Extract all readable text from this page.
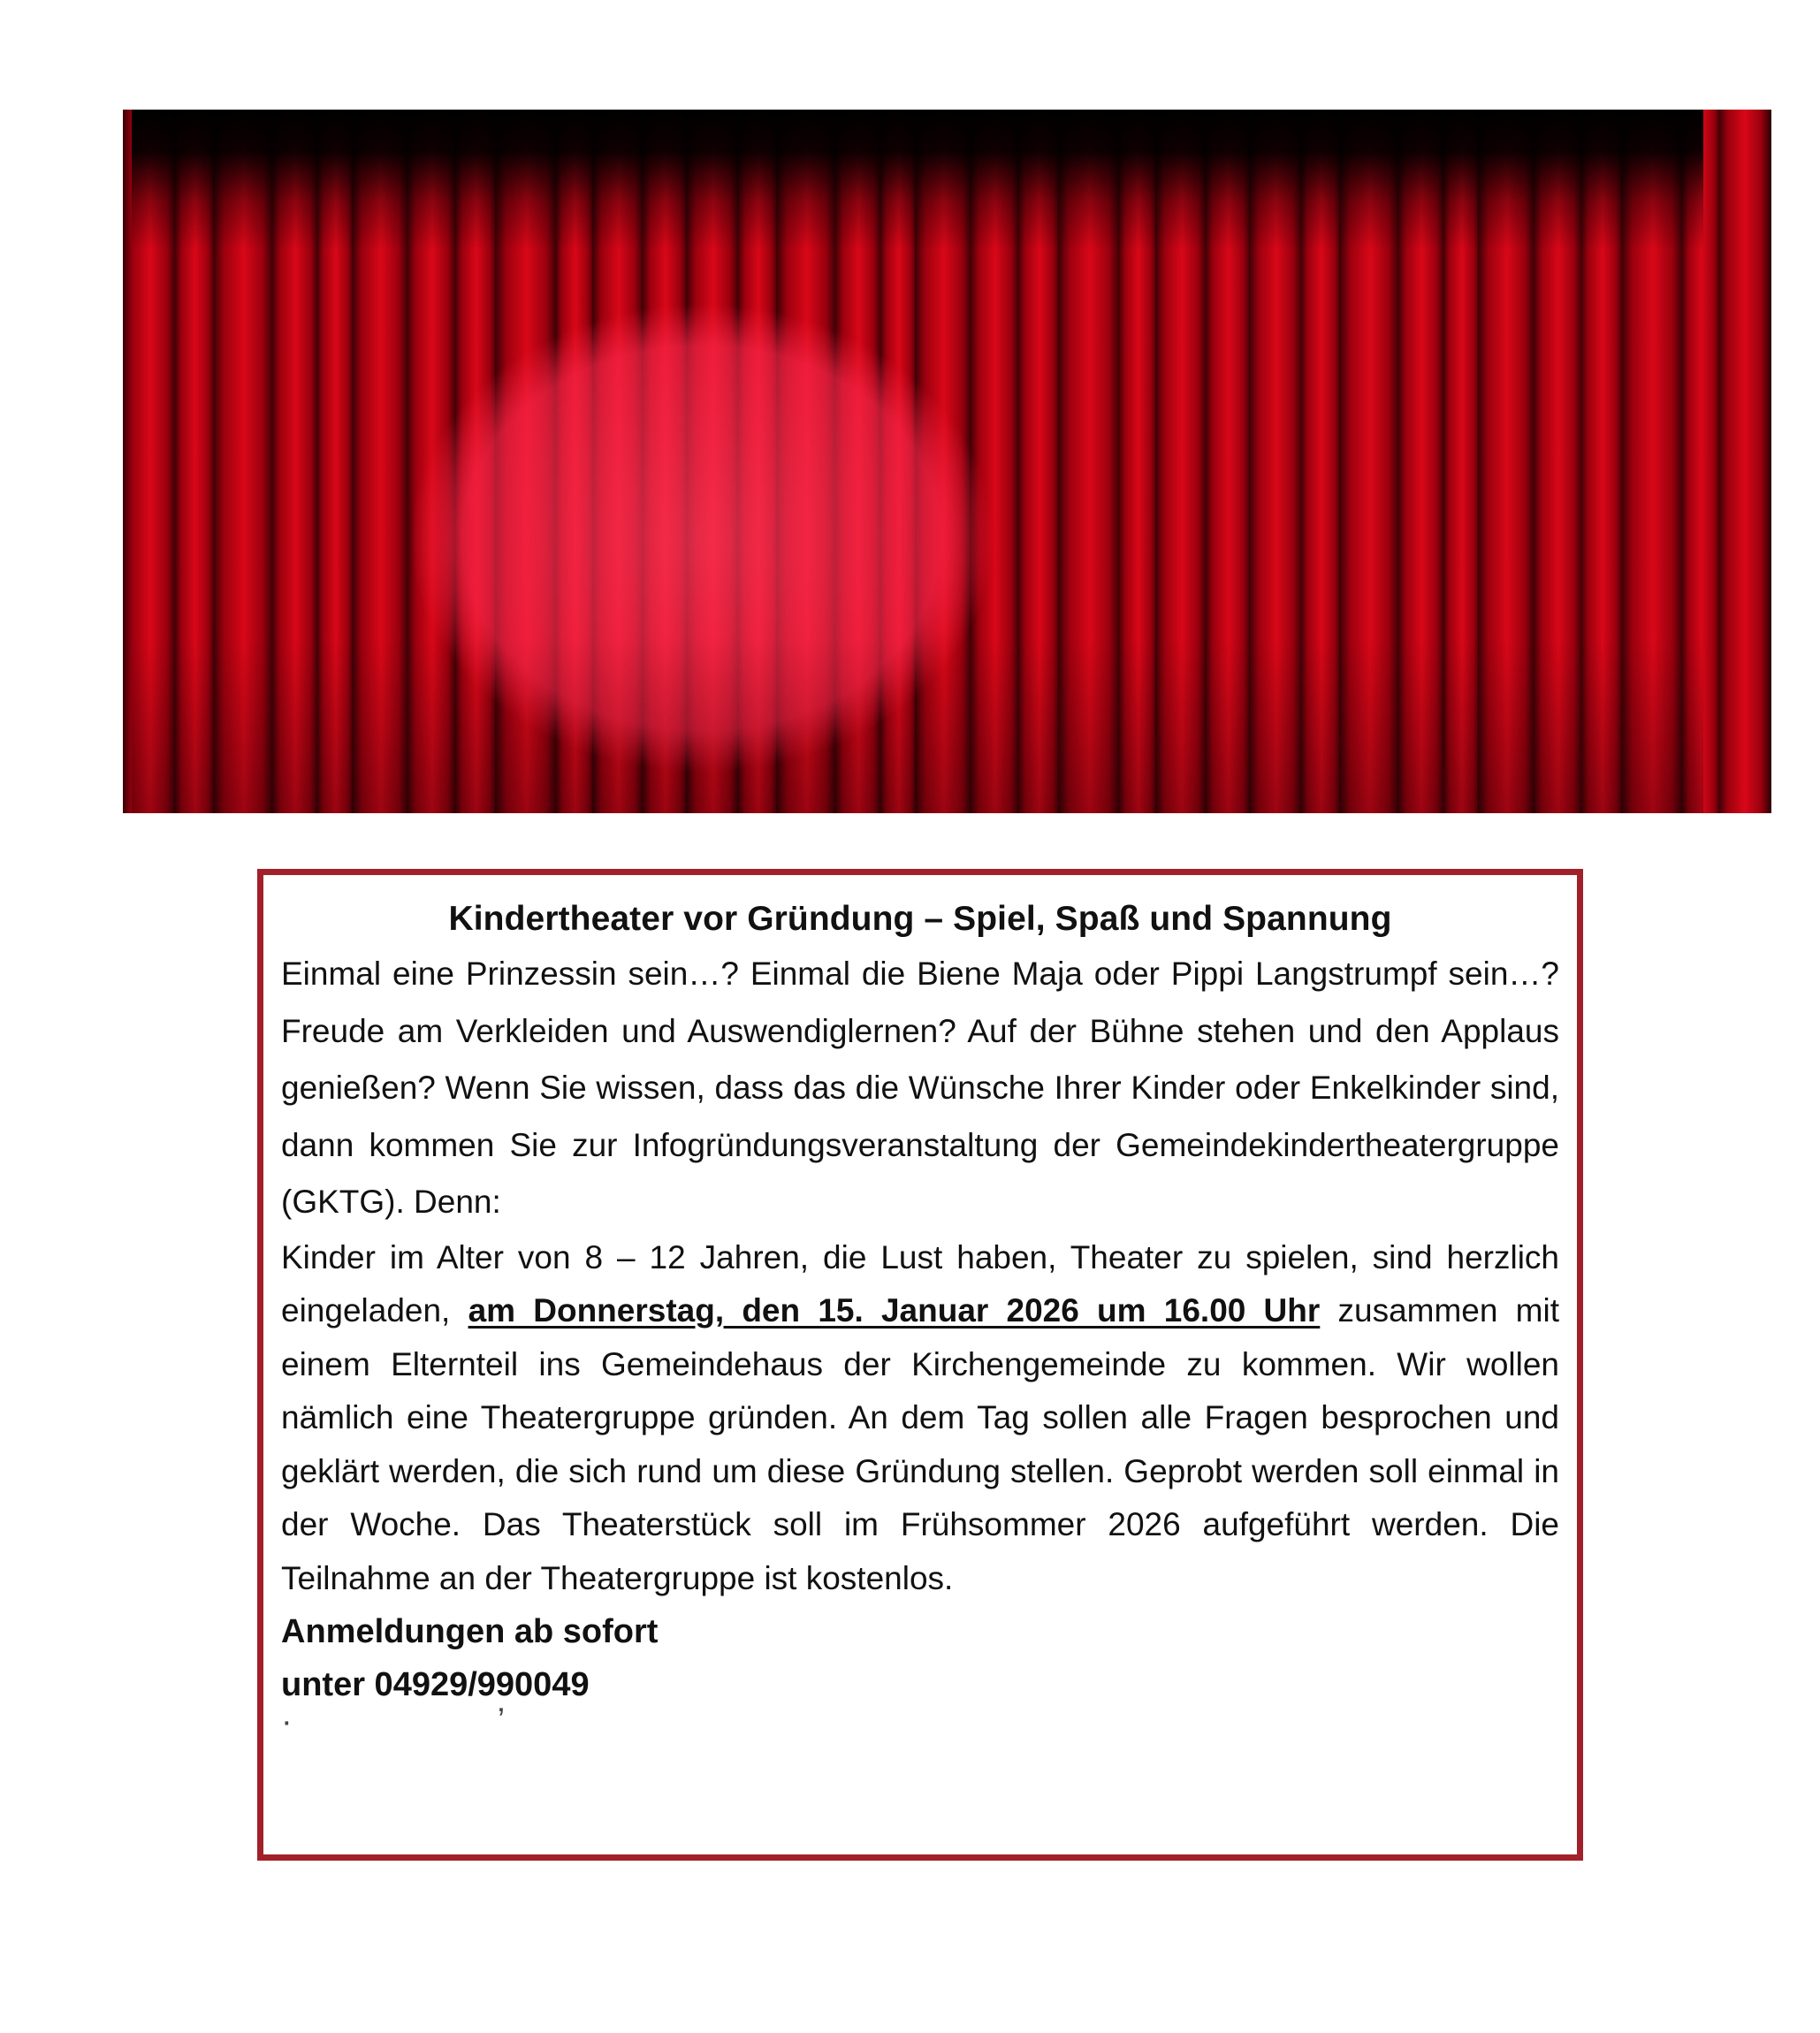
Kindertheater vor Gründung – Spiel, Spaß und Spannung

Einmal eine Prinzessin sein…? Einmal die Biene Maja oder Pippi Langstrumpf sein…? Freude am Verkleiden und Auswendiglernen? Auf der Bühne stehen und den Applaus genießen? Wenn Sie wissen, dass das die Wünsche Ihrer Kinder oder Enkelkinder sind, dann kommen Sie zur Infogründungsveranstaltung der Gemeindekindertheatergruppe (GKTG). Denn:

Kinder im Alter von 8 – 12 Jahren, die Lust haben, Theater zu spielen, sind herzlich eingeladen, am Donnerstag, den 15. Januar 2026 um 16.00 Uhr zusammen mit einem Elternteil ins Gemeindehaus der Kirchengemeinde zu kommen. Wir wollen nämlich eine Theatergruppe gründen. An dem Tag sollen alle Fragen besprochen und geklärt werden, die sich rund um diese Gründung stellen. Geprobt werden soll einmal in der Woche. Das Theaterstück soll im Frühsommer 2026 aufgeführt werden. Die Teilnahme an der Theatergruppe ist kostenlos.

Anmeldungen ab sofort

unter 04929/990049

·                      ʼ
